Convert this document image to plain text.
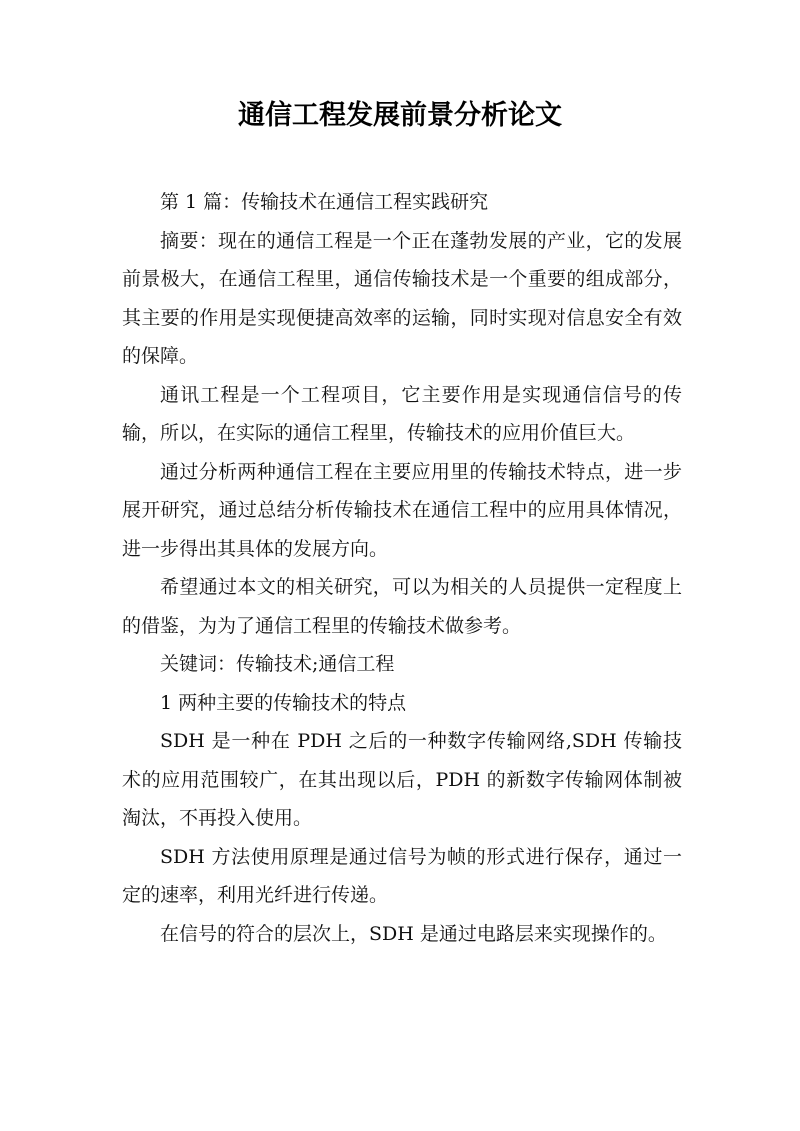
通信工程发展前景分析论文

第 1 篇：传输技术在通信工程实践研究

摘要：现在的通信工程是一个正在蓬勃发展的产业，它的发展前景极大，在通信工程里，通信传输技术是一个重要的组成部分，其主要的作用是实现便捷高效率的运输，同时实现对信息安全有效的保障。

通讯工程是一个工程项目，它主要作用是实现通信信号的传输，所以，在实际的通信工程里，传输技术的应用价值巨大。

通过分析两种通信工程在主要应用里的传输技术特点，进一步展开研究，通过总结分析传输技术在通信工程中的应用具体情况，进一步得出其具体的发展方向。

希望通过本文的相关研究，可以为相关的人员提供一定程度上的借鉴，为为了通信工程里的传输技术做参考。

关键词：传输技术;通信工程

1 两种主要的传输技术的特点

SDH 是一种在 PDH 之后的一种数字传输网络,SDH 传输技术的应用范围较广，在其出现以后，PDH 的新数字传输网体制被淘汰，不再投入使用。

SDH 方法使用原理是通过信号为帧的形式进行保存，通过一定的速率，利用光纤进行传递。

在信号的符合的层次上，SDH 是通过电路层来实现操作的。
